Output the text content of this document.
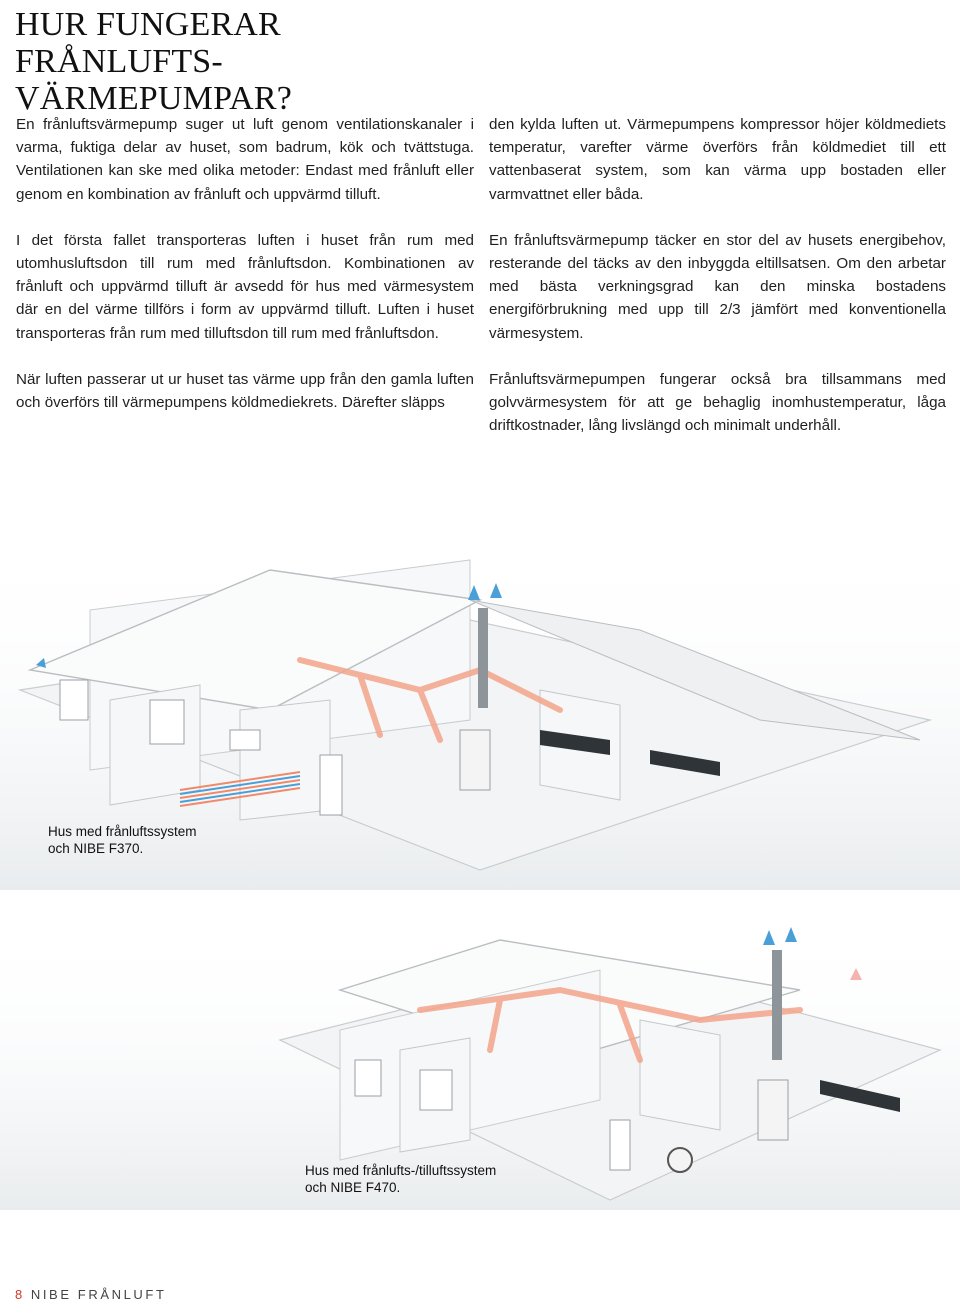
HUR FUNGERAR FRÅNLUFTS-
VÄRMEPUMPAR?

En frånluftsvärmepump suger ut luft genom ventilationskanaler i varma, fuktiga delar av huset, som badrum, kök och tvättstuga. Ventilationen kan ske med olika metoder: Endast med frånluft eller genom en kombination av frånluft och uppvärmd tilluft.

I det första fallet transporteras luften i huset från rum med utomhusluftsdon till rum med frånluftsdon. Kombinationen av frånluft och uppvärmd tilluft är avsedd för hus med värmesystem där en del värme tillförs i form av uppvärmd tilluft. Luften i huset transporteras från rum med tilluftsdon till rum med frånluftsdon.

När luften passerar ut ur huset tas värme upp från den gamla luften och överförs till värmepumpens köldmediekrets. Därefter släpps

den kylda luften ut. Värmepumpens kompressor höjer köldmediets temperatur, varefter värme överförs från köldmediet till ett vattenbaserat system, som kan värma upp bostaden eller varmvattnet eller båda.

En frånluftsvärmepump täcker en stor del av husets energibehov, resterande del täcks av den inbyggda eltillsatsen. Om den arbetar med bästa verkningsgrad kan den minska bostadens energiförbrukning med upp till 2/3 jämfört med konventionella värmesystem.

Frånluftsvärmepumpen fungerar också bra tillsammans med golvvärmesystem för att ge behaglig inomhustemperatur, låga driftkostnader, lång livslängd och minimalt underhåll.

Hus med frånluftssystem
och NIBE F370.
Hus med frånlufts-/tilluftssystem
och NIBE F470.
8 NIBE FRÅNLUFT
